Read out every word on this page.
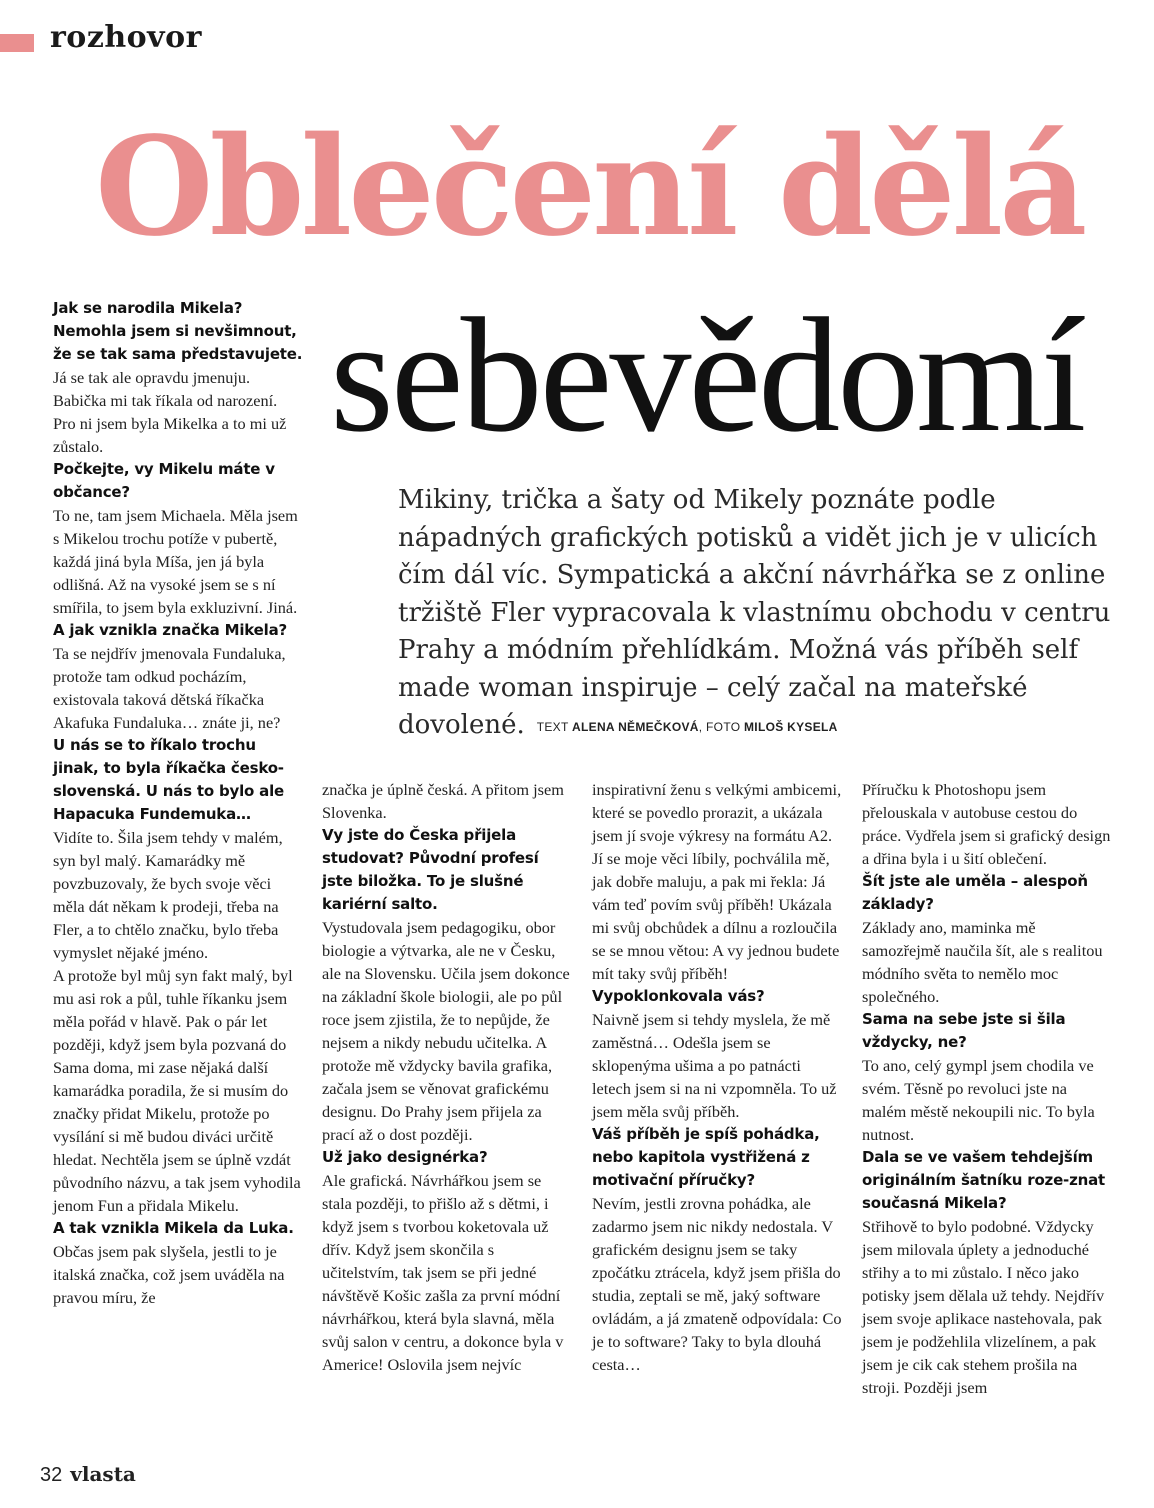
rozhovor
Oblečení dělá
sebevědomí
Mikiny, trička a šaty od Mikely poznáte podle nápadných grafických potisků a vidět jich je v ulicích čím dál víc. Sympatická a akční návrhářka se z online tržiště Fler vypracovala k vlastnímu obchodu v centru Prahy a módním přehlídkám. Možná vás příběh self made woman inspiruje – celý začal na mateřské dovolené. TEXT ALENA NĚMEČKOVÁ, FOTO MILOŠ KYSELA

Jak se narodila Mikela? Nemohla jsem si nevšimnout, že se tak sama představujete.

Já se tak ale opravdu jmenuju. Babička mi tak říkala od narození. Pro ni jsem byla Mikelka a to mi už zůstalo.

Počkejte, vy Mikelu máte v občance?

To ne, tam jsem Michaela. Měla jsem s Mikelou trochu potíže v pubertě, každá jiná byla Míša, jen já byla odlišná. Až na vysoké jsem se s ní smířila, to jsem byla exkluzivní. Jiná.

A jak vznikla značka Mikela?

Ta se nejdřív jmenovala Fundaluka, protože tam odkud pocházím, existovala taková dětská říkačka Akafuka Fundaluka… znáte ji, ne?

U nás se to říkalo trochu jinak, to byla říkačka česko-slovenská. U nás to bylo ale Hapacuka Fundemuka…

Vidíte to. Šila jsem tehdy v malém, syn byl malý. Kamarádky mě povzbuzovaly, že bych svoje věci měla dát někam k prodeji, třeba na Fler, a to chtělo značku, bylo třeba vymyslet nějaké jméno.

A protože byl můj syn fakt malý, byl mu asi rok a půl, tuhle říkanku jsem měla pořád v hlavě. Pak o pár let později, když jsem byla pozvaná do Sama doma, mi zase nějaká další kamarádka poradila, že si musím do značky přidat Mikelu, protože po vysílání si mě budou diváci určitě hledat. Nechtěla jsem se úplně vzdát původního názvu, a tak jsem vyhodila jenom Fun a přidala Mikelu.

A tak vznikla Mikela da Luka.

Občas jsem pak slyšela, jestli to je italská značka, což jsem uváděla na pravou míru, že

značka je úplně česká. A přitom jsem Slovenka.

Vy jste do Česka přijela studovat? Původní profesí jste biložka. To je slušné kariérní salto.

Vystudovala jsem pedagogiku, obor biologie a výtvarka, ale ne v Česku, ale na Slovensku. Učila jsem dokonce na základní škole biologii, ale po půl roce jsem zjistila, že to nepůjde, že nejsem a nikdy nebudu učitelka. A protože mě vždycky bavila grafika, začala jsem se věnovat grafickému designu. Do Prahy jsem přijela za prací až o dost později.

Už jako designérka?

Ale grafická. Návrhářkou jsem se stala později, to přišlo až s dětmi, i když jsem s tvorbou koketovala už dřív. Když jsem skončila s učitelstvím, tak jsem se při jedné návštěvě Košic zašla za první módní návrhářkou, která byla slavná, měla svůj salon v centru, a dokonce byla v Americe! Oslovila jsem nejvíc

inspirativní ženu s velkými ambicemi, které se povedlo prorazit, a ukázala jsem jí svoje výkresy na formátu A2. Jí se moje věci líbily, pochválila mě, jak dobře maluju, a pak mi řekla: Já vám teď povím svůj příběh! Ukázala mi svůj obchůdek a dílnu a rozloučila se se mnou větou: A vy jednou budete mít taky svůj příběh!

Vypoklonkovala vás?

Naivně jsem si tehdy myslela, že mě zaměstná… Odešla jsem se sklopenýma ušima a po patnácti letech jsem si na ni vzpomněla. To už jsem měla svůj příběh.

Váš příběh je spíš pohádka, nebo kapitola vystřižená z motivační příručky?

Nevím, jestli zrovna pohádka, ale zadarmo jsem nic nikdy nedostala. V grafickém designu jsem se taky zpočátku ztrácela, když jsem přišla do studia, zeptali se mě, jaký software ovládám, a já zmateně odpovídala: Co je to software? Taky to byla dlouhá cesta…

Příručku k Photoshopu jsem přelouskala v autobuse cestou do práce. Vydřela jsem si grafický design a dřina byla i u šití oblečení.

Šít jste ale uměla – alespoň základy?

Základy ano, maminka mě samozřejmě naučila šít, ale s realitou módního světa to nemělo moc společného.

Sama na sebe jste si šila vždycky, ne?

To ano, celý gympl jsem chodila ve svém. Těsně po revoluci jste na malém městě nekoupili nic. To byla nutnost.

Dala se ve vašem tehdejším originálním šatníku roze-znat současná Mikela?

Střihově to bylo podobné. Vždycky jsem milovala úplety a jednoduché střihy a to mi zůstalo. I něco jako potisky jsem dělala už tehdy. Nejdřív jsem svoje aplikace nastehovala, pak jsem je podžehlila vlizelínem, a pak jsem je cik cak stehem prošila na stroji. Později jsem

32 vlasta
